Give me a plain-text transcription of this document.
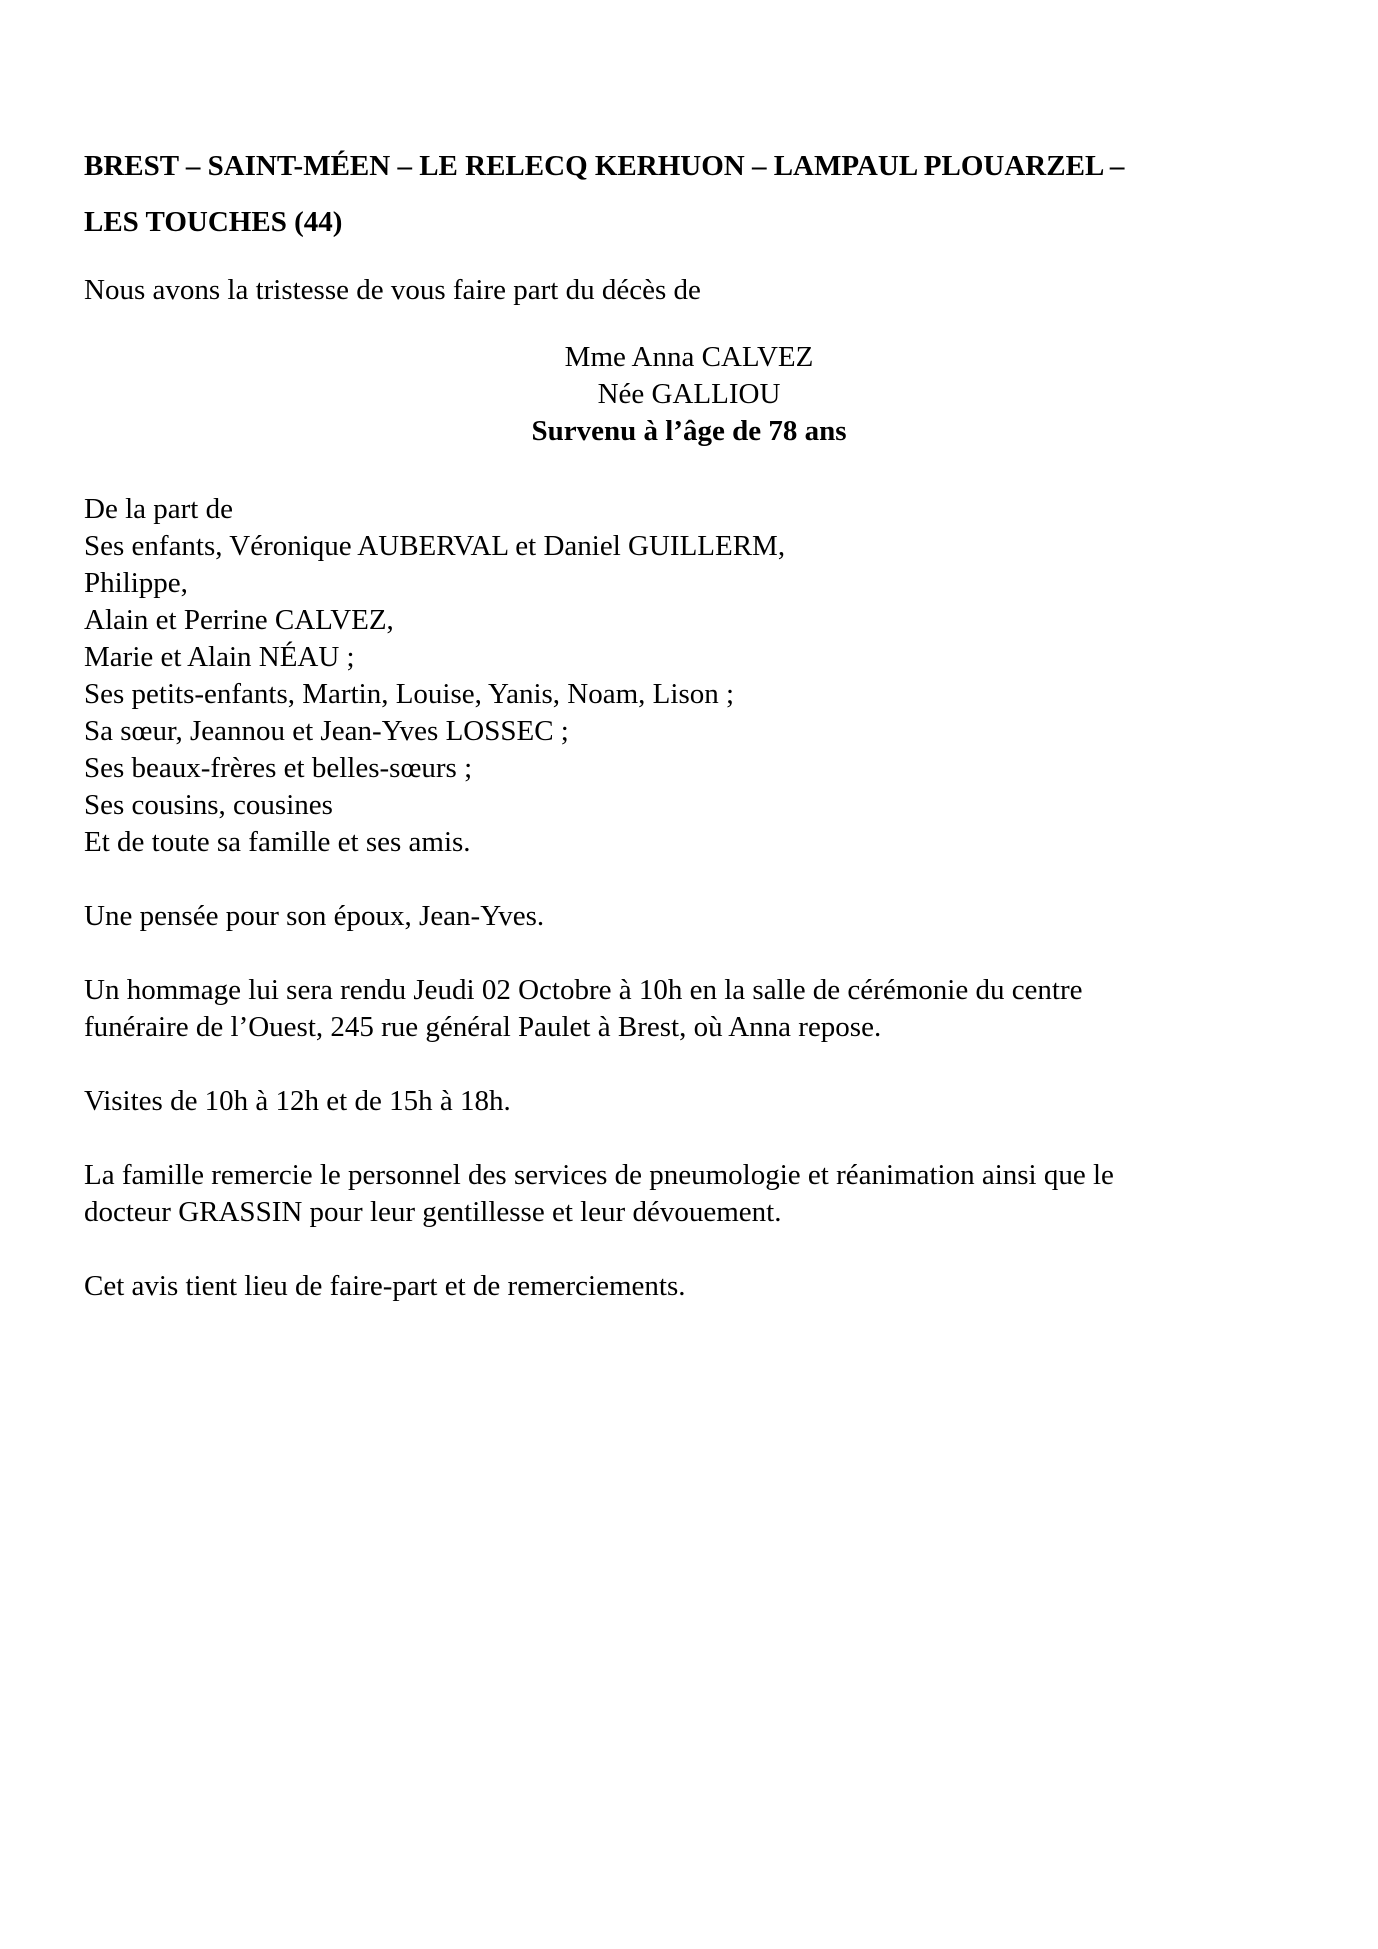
BREST – SAINT-MÉEN – LE RELECQ KERHUON – LAMPAUL PLOUARZEL –
LES TOUCHES (44)

Nous avons la tristesse de vous faire part du décès de

Mme Anna CALVEZ
Née GALLIOU
Survenu à l’âge de 78 ans
De la part de
Ses enfants, Véronique AUBERVAL et Daniel GUILLERM,
Philippe,
Alain et Perrine CALVEZ,
Marie et Alain NÉAU ;
Ses petits-enfants, Martin, Louise, Yanis, Noam, Lison ;
Sa sœur, Jeannou et Jean-Yves LOSSEC ;
Ses beaux-frères et belles-sœurs ;
Ses cousins, cousines
Et de toute sa famille et ses amis.

Une pensée pour son époux, Jean-Yves.

Un hommage lui sera rendu Jeudi 02 Octobre à 10h en la salle de cérémonie du centre
funéraire de l’Ouest, 245 rue général Paulet à Brest, où Anna repose.

Visites de 10h à 12h et de 15h à 18h.

La famille remercie le personnel des services de pneumologie et réanimation ainsi que le
docteur GRASSIN pour leur gentillesse et leur dévouement.

Cet avis tient lieu de faire-part et de remerciements.
